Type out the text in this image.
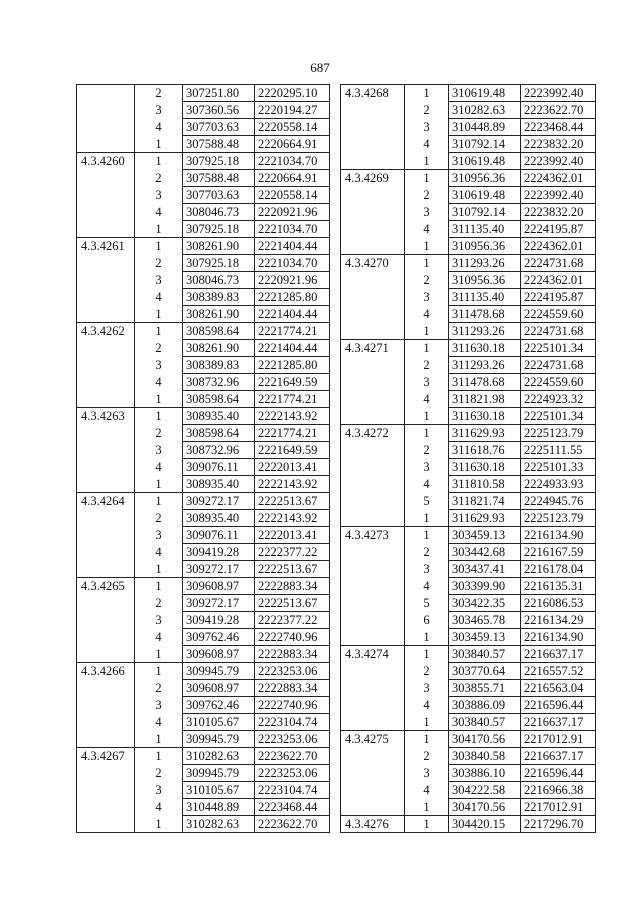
687
	2	307251.80	2220295.10
	3	307360.56	2220194.27
	4	307703.63	2220558.14
	1	307588.48	2220664.91
4.3.4260	1	307925.18	2221034.70
	2	307588.48	2220664.91
	3	307703.63	2220558.14
	4	308046.73	2220921.96
	1	307925.18	2221034.70
4.3.4261	1	308261.90	2221404.44
	2	307925.18	2221034.70
	3	308046.73	2220921.96
	4	308389.83	2221285.80
	1	308261.90	2221404.44
4.3.4262	1	308598.64	2221774.21
	2	308261.90	2221404.44
	3	308389.83	2221285.80
	4	308732.96	2221649.59
	1	308598.64	2221774.21
4.3.4263	1	308935.40	2222143.92
	2	308598.64	2221774.21
	3	308732.96	2221649.59
	4	309076.11	2222013.41
	1	308935.40	2222143.92
4.3.4264	1	309272.17	2222513.67
	2	308935.40	2222143.92
	3	309076.11	2222013.41
	4	309419.28	2222377.22
	1	309272.17	2222513.67
4.3.4265	1	309608.97	2222883.34
	2	309272.17	2222513.67
	3	309419.28	2222377.22
	4	309762.46	2222740.96
	1	309608.97	2222883.34
4.3.4266	1	309945.79	2223253.06
	2	309608.97	2222883.34
	3	309762.46	2222740.96
	4	310105.67	2223104.74
	1	309945.79	2223253.06
4.3.4267	1	310282.63	2223622.70
	2	309945.79	2223253.06
	3	310105.67	2223104.74
	4	310448.89	2223468.44
	1	310282.63	2223622.70
4.3.4268	1	310619.48	2223992.40
	2	310282.63	2223622.70
	3	310448.89	2223468.44
	4	310792.14	2223832.20
	1	310619.48	2223992.40
4.3.4269	1	310956.36	2224362.01
	2	310619.48	2223992.40
	3	310792.14	2223832.20
	4	311135.40	2224195.87
	1	310956.36	2224362.01
4.3.4270	1	311293.26	2224731.68
	2	310956.36	2224362.01
	3	311135.40	2224195.87
	4	311478.68	2224559.60
	1	311293.26	2224731.68
4.3.4271	1	311630.18	2225101.34
	2	311293.26	2224731.68
	3	311478.68	2224559.60
	4	311821.98	2224923.32
	1	311630.18	2225101.34
4.3.4272	1	311629.93	2225123.79
	2	311618.76	2225111.55
	3	311630.18	2225101.33
	4	311810.58	2224933.93
	5	311821.74	2224945.76
	1	311629.93	2225123.79
4.3.4273	1	303459.13	2216134.90
	2	303442.68	2216167.59
	3	303437.41	2216178.04
	4	303399.90	2216135.31
	5	303422.35	2216086.53
	6	303465.78	2216134.29
	1	303459.13	2216134.90
4.3.4274	1	303840.57	2216637.17
	2	303770.64	2216557.52
	3	303855.71	2216563.04
	4	303886.09	2216596.44
	1	303840.57	2216637.17
4.3.4275	1	304170.56	2217012.91
	2	303840.58	2216637.17
	3	303886.10	2216596.44
	4	304222.58	2216966.38
	1	304170.56	2217012.91
4.3.4276	1	304420.15	2217296.70
